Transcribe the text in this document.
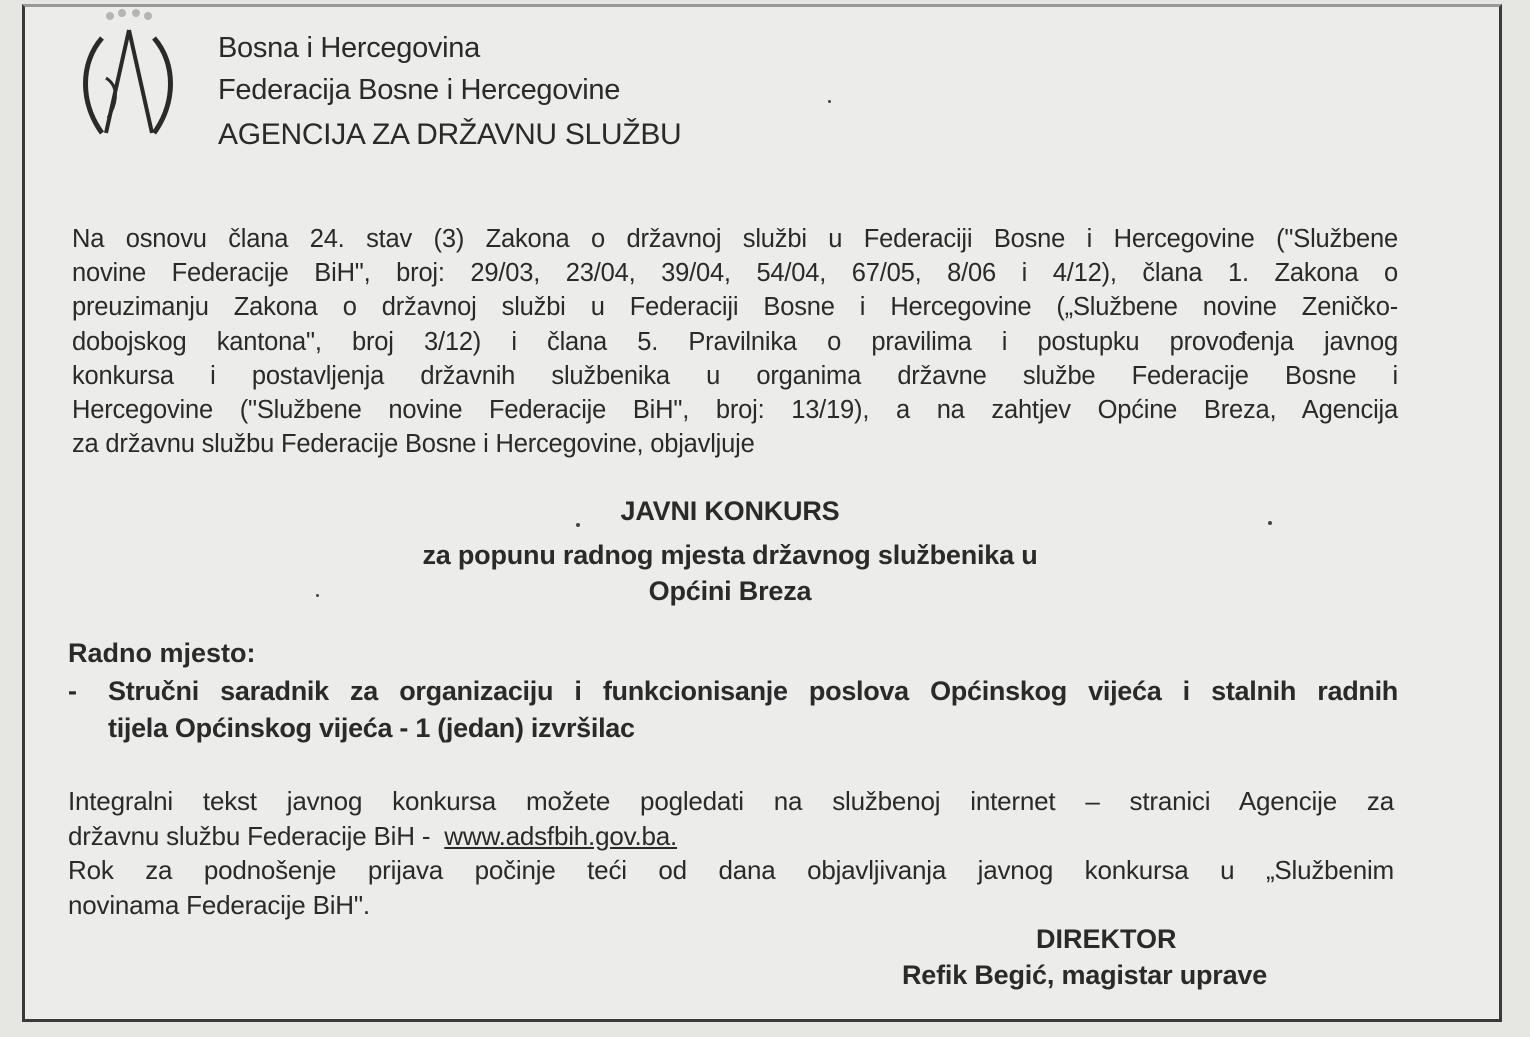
Bosna i Hercegovina
Federacija Bosne i Hercegovine
AGENCIJA ZA DRŽAVNU SLUŽBU
Na osnovu člana 24. stav (3) Zakona o državnoj službi u Federaciji Bosne i Hercegovine ("Službene
novine Federacije BiH", broj: 29/03, 23/04, 39/04, 54/04, 67/05, 8/06 i 4/12), člana 1. Zakona o
preuzimanju Zakona o državnoj službi u Federaciji Bosne i Hercegovine („Službene novine Zeničko-
dobojskog kantona", broj 3/12) i člana 5. Pravilnika o pravilima i postupku provođenja javnog
konkursa i postavljenja državnih službenika u organima državne službe Federacije Bosne i
Hercegovine ("Službene novine Federacije BiH", broj: 13/19), a na zahtjev Općine Breza, Agencija
za državnu službu Federacije Bosne i Hercegovine, objavljuje
JAVNI KONKURS
za popunu radnog mjesta državnog službenika u
Općini Breza
Radno mjesto:
- Stručni saradnik za organizaciju i funkcionisanje poslova Općinskog vijeća i stalnih radnih
tijela Općinskog vijeća - 1 (jedan) izvršilac
Integralni tekst javnog konkursa možete pogledati na službenoj internet – stranici Agencije za
državnu službu Federacije BiH - www.adsfbih.gov.ba.
Rok za podnošenje prijava počinje teći od dana objavljivanja javnog konkursa u „Službenim
novinama Federacije BiH".
DIREKTOR
Refik Begić, magistar uprave
